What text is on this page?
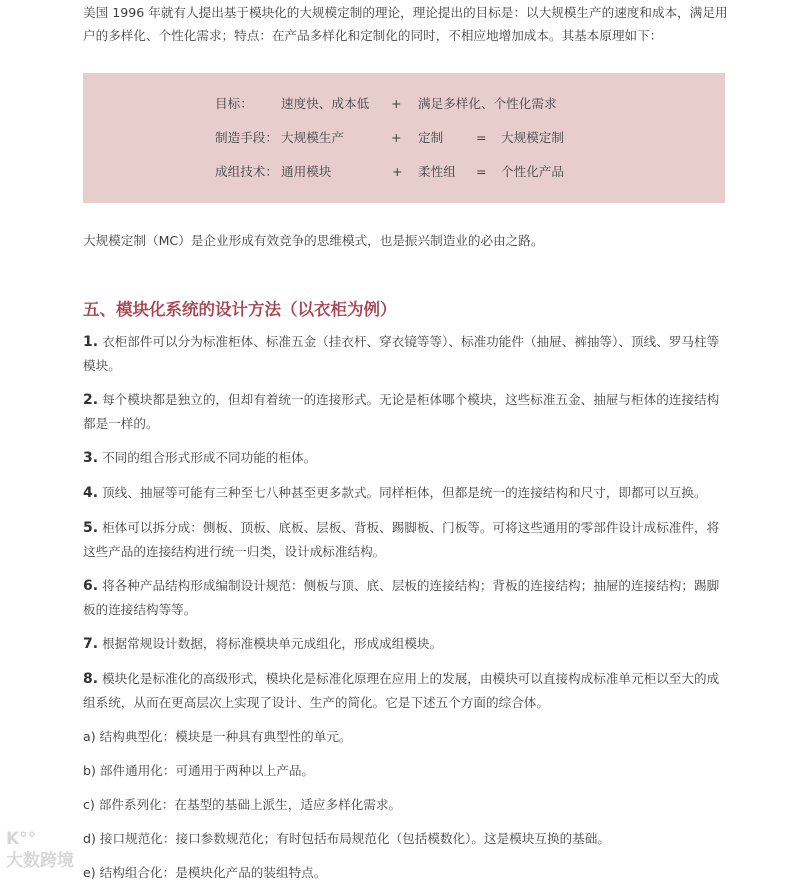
美国 1996 年就有人提出基于模块化的大规模定制的理论，理论提出的目标是：以大规模生产的速度和成本，满足用户的多样化、个性化需求；特点：在产品多样化和定制化的同时，不相应地增加成本。其基本原理如下：

目标： 速度快、成本低 + 满足多样化、个性化需求
制造手段： 大规模生产	+ 定制	= 大规模定制
成组技术： 通用模块	+ 柔性组 = 个性化产品

大规模定制（MC）是企业形成有效竞争的思维模式，也是振兴制造业的必由之路。

五、模块化系统的设计方法（以衣柜为例）

1. 衣柜部件可以分为标准柜体、标准五金（挂衣杆、穿衣镜等等）、标准功能件（抽屉、裤抽等）、顶线、罗马柱等模块。

2. 每个模块都是独立的，但却有着统一的连接形式。无论是柜体哪个模块，这些标准五金、抽屉与柜体的连接结构都是一样的。

3. 不同的组合形式形成不同功能的柜体。

4. 顶线、抽屉等可能有三种至七八种甚至更多款式。同样柜体，但都是统一的连接结构和尺寸，即都可以互换。

5. 柜体可以拆分成：侧板、顶板、底板、层板、背板、踢脚板、门板等。可将这些通用的零部件设计成标准件，将这些产品的连接结构进行统一归类，设计成标准结构。

6. 将各种产品结构形成编制设计规范：侧板与顶、底、层板的连接结构；背板的连接结构；抽屉的连接结构；踢脚板的连接结构等等。

7. 根据常规设计数据，将标准模块单元成组化，形成成组模块。

8. 模块化是标准化的高级形式，模块化是标准化原理在应用上的发展，由模块可以直接构成标准单元柜以至大的成组系统，从而在更高层次上实现了设计、生产的简化。它是下述五个方面的综合体。

a) 结构典型化：模块是一种具有典型性的单元。

b) 部件通用化：可通用于两种以上产品。

c) 部件系列化：在基型的基础上派生，适应多样化需求。

d) 接口规范化：接口参数规范化；有时包括布局规范化（包括模数化）。这是模块互换的基础。

e) 结构组合化：是模块化产品的装组特点。

K°°
大数跨境
